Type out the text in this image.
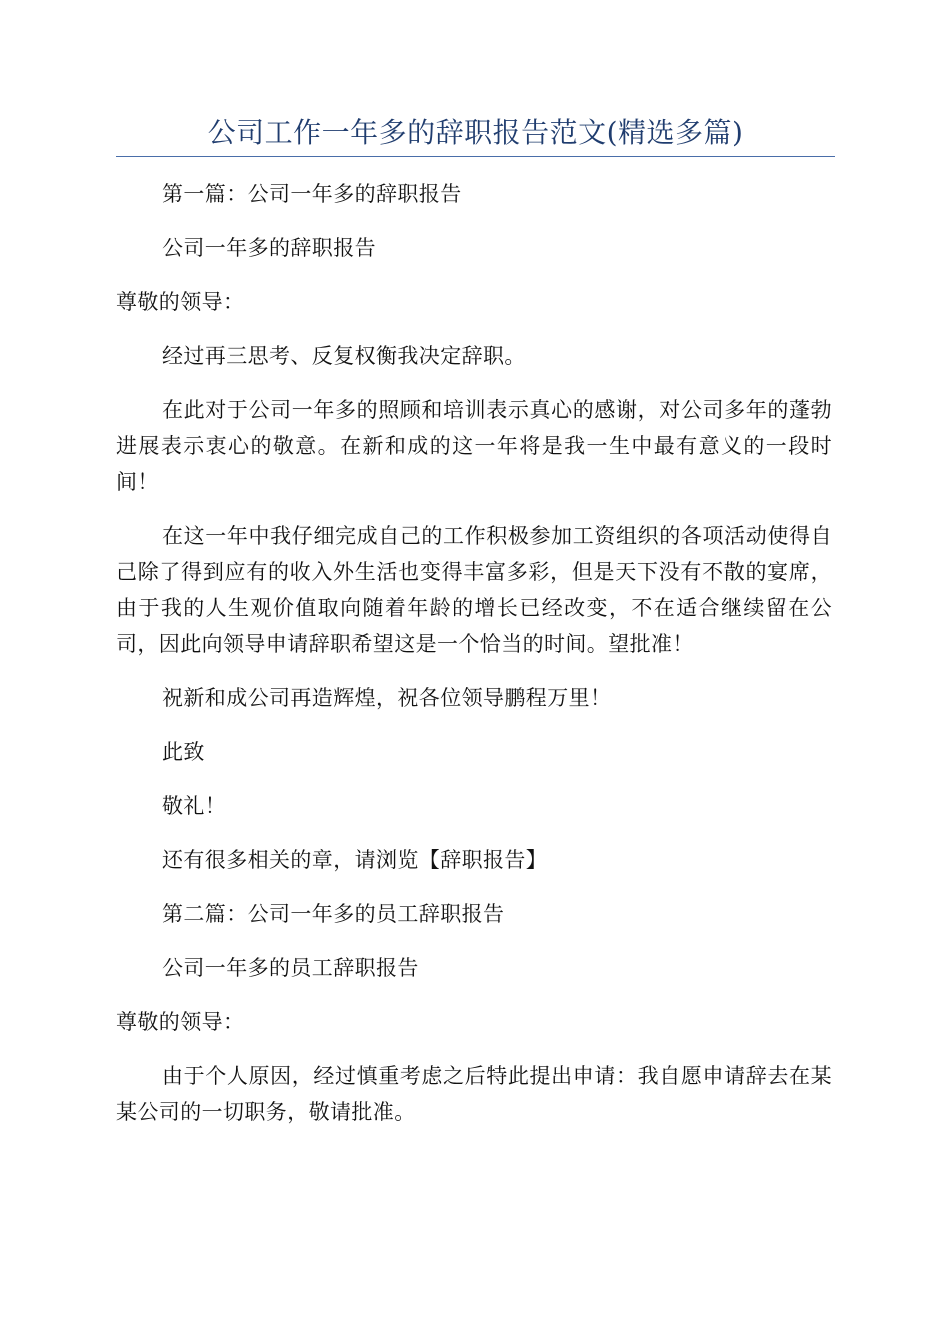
公司工作一年多的辞职报告范文(精选多篇)

第一篇：公司一年多的辞职报告

公司一年多的辞职报告

尊敬的领导：

经过再三思考、反复权衡我决定辞职。

在此对于公司一年多的照顾和培训表示真心的感谢，对公司多年的蓬勃进展表示衷心的敬意。在新和成的这一年将是我一生中最有意义的一段时间！

在这一年中我仔细完成自己的工作积极参加工资组织的各项活动使得自己除了得到应有的收入外生活也变得丰富多彩，但是天下没有不散的宴席，由于我的人生观价值取向随着年龄的增长已经改变，不在适合继续留在公司，因此向领导申请辞职希望这是一个恰当的时间。望批准！

祝新和成公司再造辉煌，祝各位领导鹏程万里！

此致

敬礼！

还有很多相关的章，请浏览【辞职报告】

第二篇：公司一年多的员工辞职报告

公司一年多的员工辞职报告

尊敬的领导：

由于个人原因，经过慎重考虑之后特此提出申请：我自愿申请辞去在某某公司的一切职务，敬请批准。
